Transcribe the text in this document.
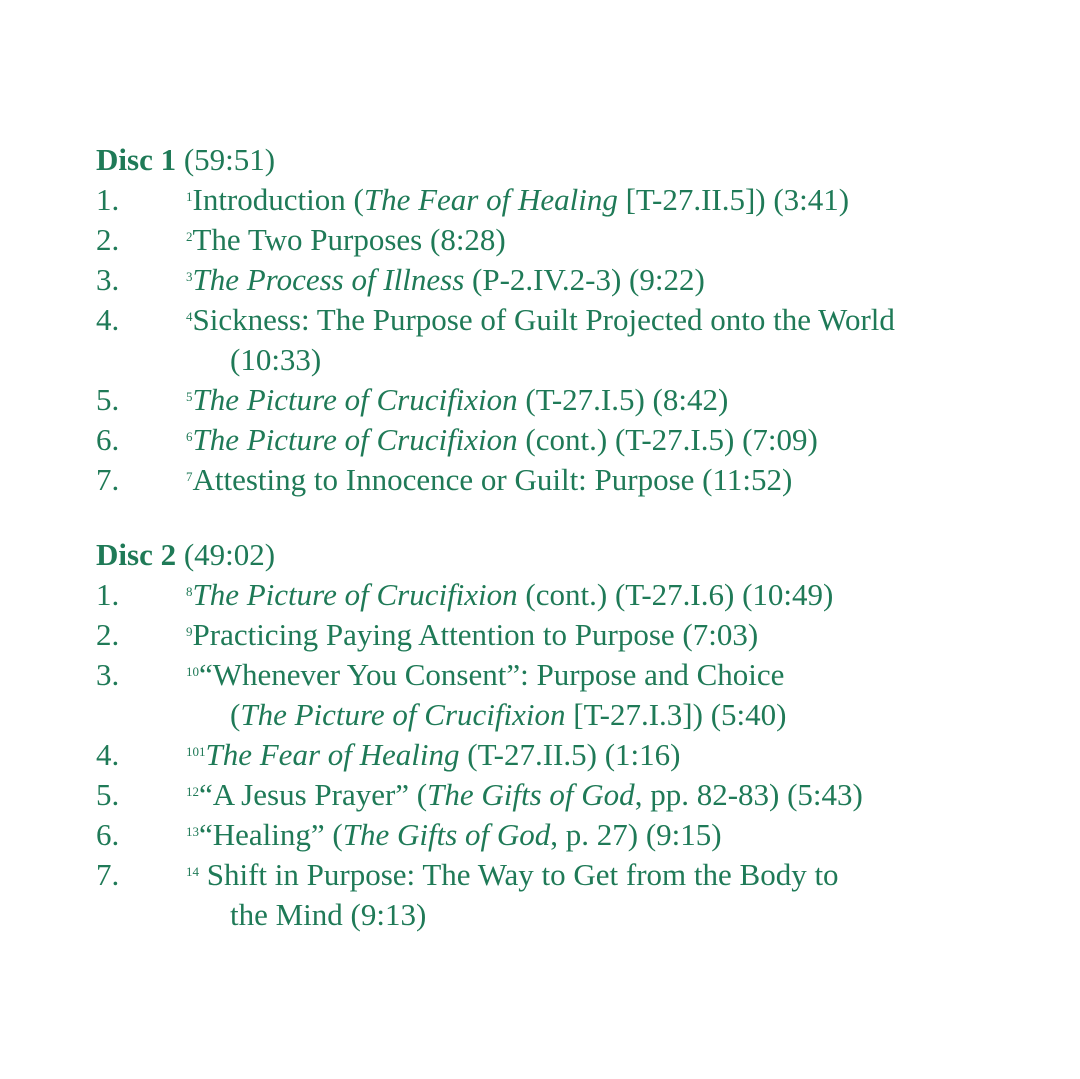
Disc 1 (59:51)
1.	$^1$Introduction (The Fear of Healing [T-27.II.5]) (3:41)
2.	$^2$The Two Purposes (8:28)
3.	$^3$The Process of Illness (P-2.IV.2-3) (9:22)
4.	$^4$Sickness: The Purpose of Guilt Projected onto the World
(10:33)
5.	$^5$The Picture of Crucifixion (T-27.I.5) (8:42)
6.	$^6$The Picture of Crucifixion (cont.) (T-27.I.5) (7:09)
7.	$^7$Attesting to Innocence or Guilt: Purpose (11:52)
Disc 2 (49:02)
1.	$^8$The Picture of Crucifixion (cont.) (T-27.I.6) (10:49)
2.	$^9$Practicing Paying Attention to Purpose (7:03)
3.	$^{10}$“Whenever You Consent”: Purpose and Choice
(The Picture of Crucifixion [T-27.I.3]) (5:40)
4.	$^{101}$The Fear of Healing (T-27.II.5) (1:16)
5.	$^{12}$“A Jesus Prayer” (The Gifts of God, pp. 82-83) (5:43)
6.	$^{13}$“Healing” (The Gifts of God, p. 27) (9:15)
7.	$^{14}$ Shift in Purpose: The Way to Get from the Body to
the Mind (9:13)
